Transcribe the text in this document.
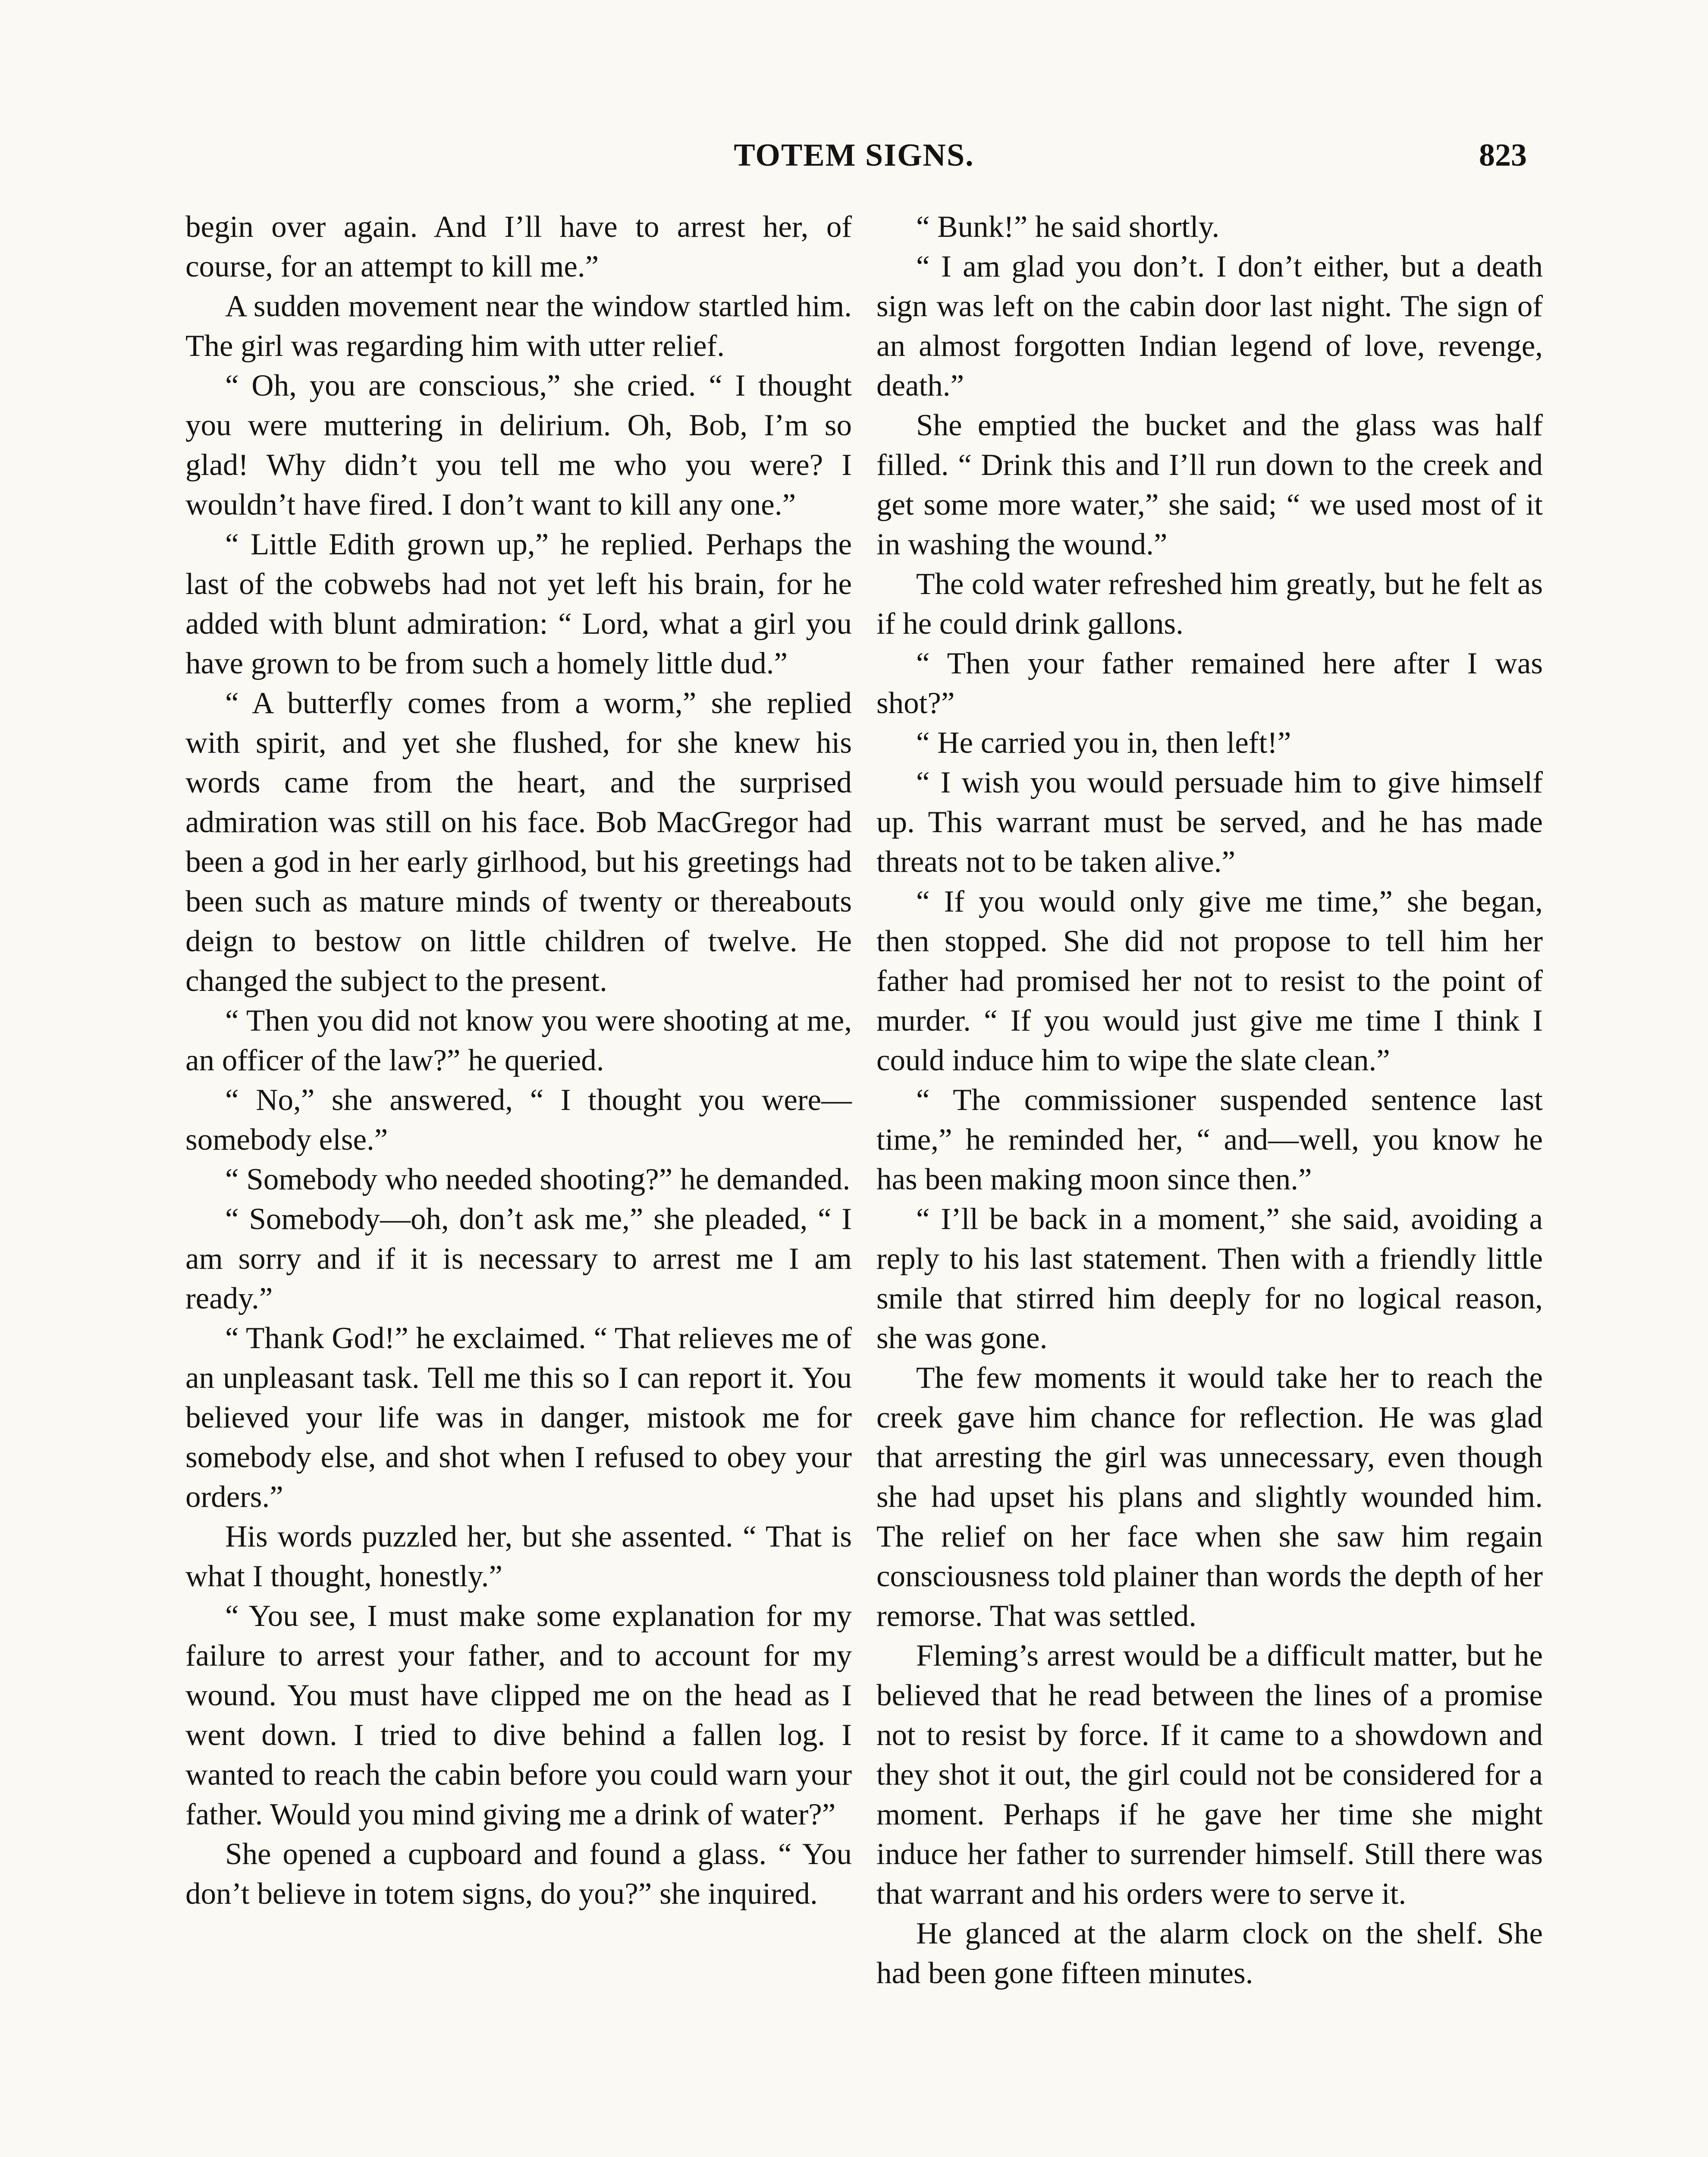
TOTEM SIGNS.	823

begin over again. And I’ll have to arrest her, of course, for an attempt to kill me.”

A sudden movement near the window startled him. The girl was regarding him with utter relief.

“ Oh, you are conscious,” she cried. “ I thought you were muttering in delirium. Oh, Bob, I’m so glad! Why didn’t you tell me who you were? I wouldn’t have fired. I don’t want to kill any one.”

“ Little Edith grown up,” he replied. Perhaps the last of the cobwebs had not yet left his brain, for he added with blunt admiration: “ Lord, what a girl you have grown to be from such a homely little dud.”

“ A butterfly comes from a worm,” she replied with spirit, and yet she flushed, for she knew his words came from the heart, and the surprised admiration was still on his face. Bob MacGregor had been a god in her early girlhood, but his greetings had been such as mature minds of twenty or thereabouts deign to bestow on little children of twelve. He changed the subject to the present.

“ Then you did not know you were shooting at me, an officer of the law?” he queried.

“ No,” she answered, “ I thought you were—somebody else.”

“ Somebody who needed shooting?” he demanded.

“ Somebody—oh, don’t ask me,” she pleaded, “ I am sorry and if it is necessary to arrest me I am ready.”

“ Thank God!” he exclaimed. “ That relieves me of an unpleasant task. Tell me this so I can report it. You believed your life was in danger, mistook me for somebody else, and shot when I refused to obey your orders.”

His words puzzled her, but she assented. “ That is what I thought, honestly.”

“ You see, I must make some explanation for my failure to arrest your father, and to account for my wound. You must have clipped me on the head as I went down. I tried to dive behind a fallen log. I wanted to reach the cabin before you could warn your father. Would you mind giving me a drink of water?”

She opened a cupboard and found a glass. “ You don’t believe in totem signs, do you?” she inquired.

“ Bunk!” he said shortly.

“ I am glad you don’t. I don’t either, but a death sign was left on the cabin door last night. The sign of an almost forgotten Indian legend of love, revenge, death.”

She emptied the bucket and the glass was half filled. “ Drink this and I’ll run down to the creek and get some more water,” she said; “ we used most of it in washing the wound.”

The cold water refreshed him greatly, but he felt as if he could drink gallons.

“ Then your father remained here after I was shot?”

“ He carried you in, then left!”

“ I wish you would persuade him to give himself up. This warrant must be served, and he has made threats not to be taken alive.”

“ If you would only give me time,” she began, then stopped. She did not propose to tell him her father had promised her not to resist to the point of murder. “ If you would just give me time I think I could induce him to wipe the slate clean.”

“ The commissioner suspended sentence last time,” he reminded her, “ and—well, you know he has been making moon since then.”

“ I’ll be back in a moment,” she said, avoiding a reply to his last statement. Then with a friendly little smile that stirred him deeply for no logical reason, she was gone.

The few moments it would take her to reach the creek gave him chance for reflection. He was glad that arresting the girl was unnecessary, even though she had upset his plans and slightly wounded him. The relief on her face when she saw him regain consciousness told plainer than words the depth of her remorse. That was settled.

Fleming’s arrest would be a difficult matter, but he believed that he read between the lines of a promise not to resist by force. If it came to a showdown and they shot it out, the girl could not be considered for a moment. Perhaps if he gave her time she might induce her father to surrender himself. Still there was that warrant and his orders were to serve it.

He glanced at the alarm clock on the shelf. She had been gone fifteen minutes.
